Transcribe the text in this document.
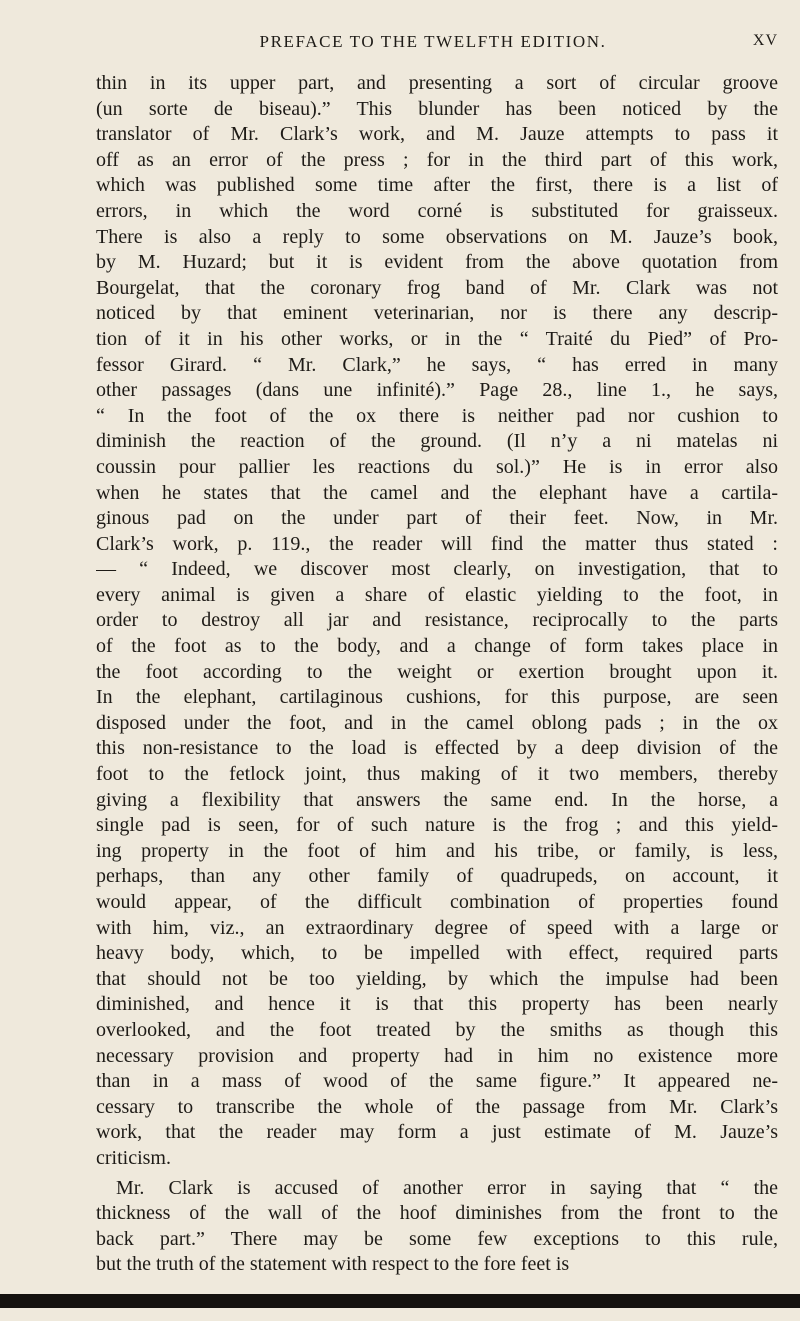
PREFACE TO THE TWELFTH EDITION.	XV
thin in its upper part, and presenting a sort of circular groove
(un sorte de biseau).” This blunder has been noticed by the
translator of Mr. Clark’s work, and M. Jauze attempts to pass it
off as an error of the press ; for in the third part of this work,
which was published some time after the first, there is a list of
errors, in which the word corné is substituted for graisseux.
There is also a reply to some observations on M. Jauze’s book,
by M. Huzard; but it is evident from the above quotation from
Bourgelat, that the coronary frog band of Mr. Clark was not
noticed by that eminent veterinarian, nor is there any descrip-
tion of it in his other works, or in the “ Traité du Pied” of Pro-
fessor Girard. “ Mr. Clark,” he says, “ has erred in many
other passages (dans une infinité).” Page 28., line 1., he says,
“ In the foot of the ox there is neither pad nor cushion to
diminish the reaction of the ground. (Il n’y a ni matelas ni
coussin pour pallier les reactions du sol.)” He is in error also
when he states that the camel and the elephant have a cartila-
ginous pad on the under part of their feet. Now, in Mr.
Clark’s work, p. 119., the reader will find the matter thus stated :
— “ Indeed, we discover most clearly, on investigation, that to
every animal is given a share of elastic yielding to the foot, in
order to destroy all jar and resistance, reciprocally to the parts
of the foot as to the body, and a change of form takes place in
the foot according to the weight or exertion brought upon it.
In the elephant, cartilaginous cushions, for this purpose, are seen
disposed under the foot, and in the camel oblong pads ; in the ox
this non-resistance to the load is effected by a deep division of the
foot to the fetlock joint, thus making of it two members, thereby
giving a flexibility that answers the same end. In the horse, a
single pad is seen, for of such nature is the frog ; and this yield-
ing property in the foot of him and his tribe, or family, is less,
perhaps, than any other family of quadrupeds, on account, it
would appear, of the difficult combination of properties found
with him, viz., an extraordinary degree of speed with a large or
heavy body, which, to be impelled with effect, required parts
that should not be too yielding, by which the impulse had been
diminished, and hence it is that this property has been nearly
overlooked, and the foot treated by the smiths as though this
necessary provision and property had in him no existence more
than in a mass of wood of the same figure.” It appeared ne-
cessary to transcribe the whole of the passage from Mr. Clark’s
work, that the reader may form a just estimate of M. Jauze’s
criticism.
Mr. Clark is accused of another error in saying that “ the
thickness of the wall of the hoof diminishes from the front to the
back part.” There may be some few exceptions to this rule,
but the truth of the statement with respect to the fore feet is
